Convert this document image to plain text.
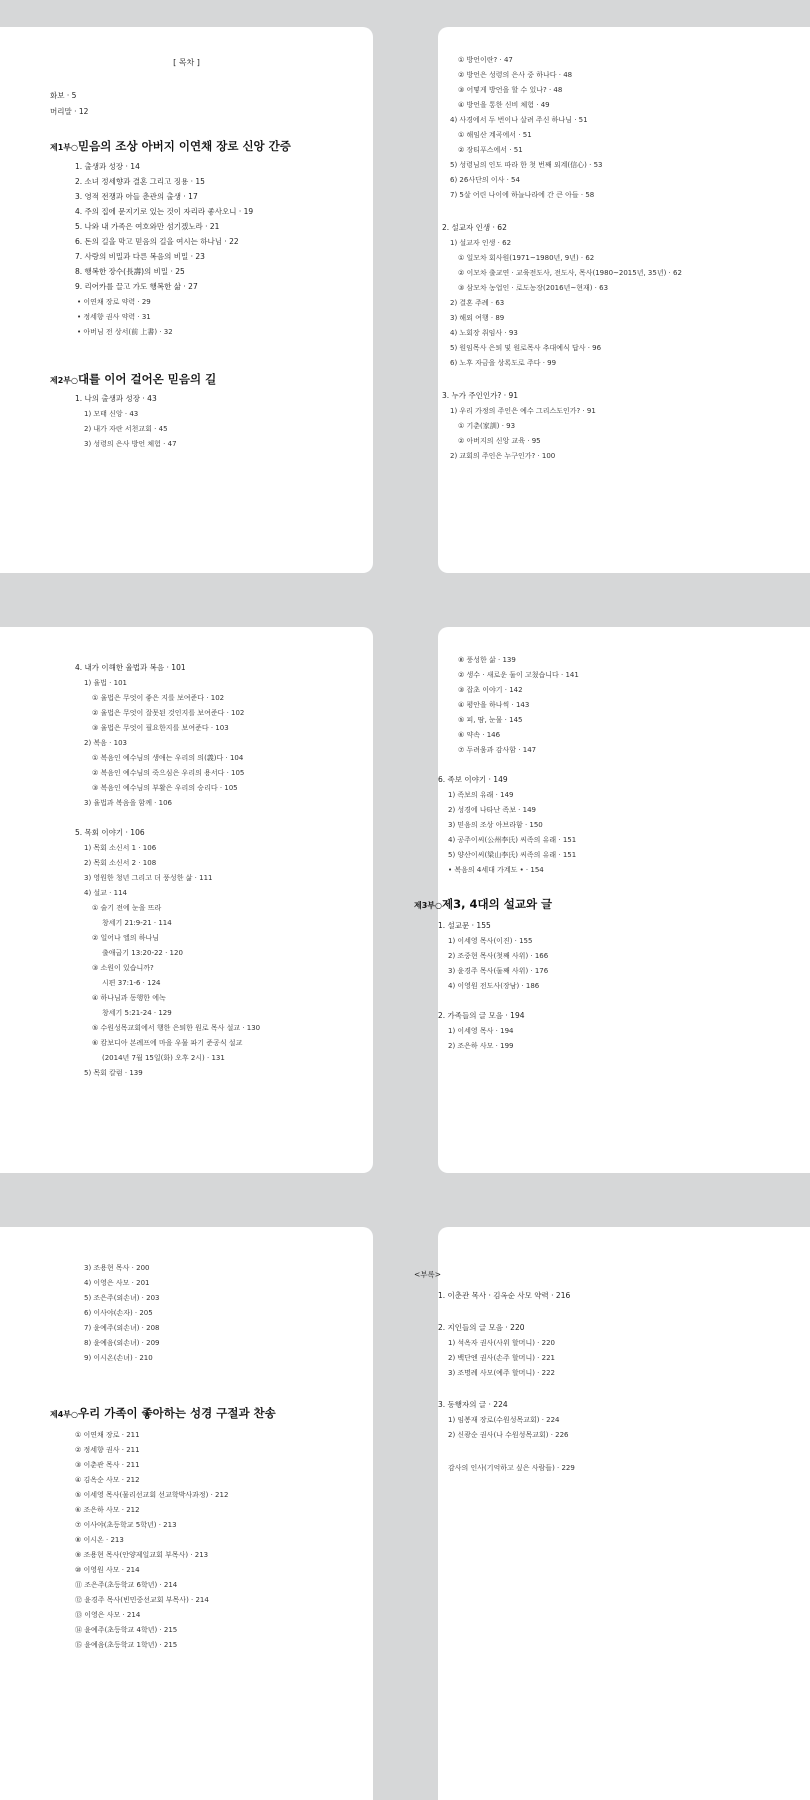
[ 목차 ]
화보 · 5
머리말 · 12
제1부○믿음의 조상 아버지 이연채 장로 신앙 간증
1. 출생과 성장 · 14
2. 소녀 정세향과 결혼 그리고 징용 · 15
3. 영적 전쟁과 아들 춘관의 출생 · 17
4. 주의 집에 문지기로 있는 것이 자리라 좋사오니 · 19
5. 나와 내 가족은 여호와만 섬기겠노라 · 21
6. 돈의 길을 막고 믿음의 길을 여시는 하나님 · 22
7. 사랑의 비밀과 다른 복음의 비밀 · 23
8. 행복한 장수(長壽)의 비밀 · 25
9. 리어카를 끌고 가도 행복한 삶 · 27
• 이연채 장로 약력 · 29
• 정세향 권사 약력 · 31
• 아버님 전 상서(前 上書) · 32
제2부○대를 이어 걸어온 믿음의 길
1. 나의 출생과 성장 · 43
1) 모태 신앙 · 43
2) 내가 자란 서천교회 · 45
3) 성령의 은사 방언 체험 · 47
① 방언이란? · 47
② 방언은 성령의 은사 중 하나다 · 48
③ 어떻게 방언을 할 수 있나? · 48
④ 방언을 통한 신비 체험 · 49
4) 사경에서 두 번이나 살려 주신 하나님 · 51
① 해임산 계곡에서 · 51
② 장티푸스에서 · 51
5) 성령님의 인도 따라 한 첫 번째 외계(信心) · 53
6) 26사단의 이사 · 54
7) 5살 어린 나이에 하늘나라에 간 큰 아들 · 58
2. 설교자 인생 · 62
1) 설교자 인생 · 62
① 일모차 회사원(1971~1980년, 9년) · 62
② 이모차 출교연 · 교육전도사, 전도사, 목사(1980~2015년, 35년) · 62
③ 삼모차 농업인 · 로도농장(2016년~현재) · 63
2) 결혼 주례 · 63
3) 해외 여행 · 89
4) 노회장 취임사 · 93
5) 원임목사 은퇴 및 원로목사 추대예식 답사 · 96
6) 노후 자금을 상록도로 주다 · 99
3. 누가 주인인가? · 91
1) 우리 가정의 주인은 예수 그리스도인가? · 91
① 기춘(家訓) · 93
② 아버지의 신앙 교육 · 95
2) 교회의 주인은 누구인가? · 100
4. 내가 이해한 율법과 복음 · 101
1) 율법 · 101
① 율법은 무엇이 좋은 지를 보여준다 · 102
② 율법은 무엇이 잘못된 것인지를 보여준다 · 102
③ 율법은 무엇이 필요한지를 보여준다 · 103
2) 복음 · 103
① 복음인 예수님의 생애는 우리의 의(義)다 · 104
② 복음인 예수님의 죽으심은 우리의 용서다 · 105
③ 복음인 예수님의 부활은 우리의 승리다 · 105
3) 율법과 복음을 함께 · 106
5. 목회 이야기 · 106
1) 목회 소신서 1 · 106
2) 목회 소신서 2 · 108
3) 영원한 청년 그리고 더 풍성한 삶 · 111
4) 설교 · 114
① 술기 전에 눈을 뜨라
창세기 21:9-21 · 114
② 일어나 엘의 하나님
출애굽기 13:20-22 · 120
③ 소원이 있습니까?
시편 37:1-6 · 124
④ 하나님과 동행한 에녹
창세기 5:21-24 · 129
⑤ 수원성목교회에서 행한 은퇴한 원로 목사 설교 · 130
⑥ 캄보디아 본례프에 마을 우물 파기 준공식 설교
(2014년 7월 15일(화) 오후 2시) · 131
5) 목회 칼럼 · 139
⑧ 풍성한 삶 · 139
② 생수 · 새로운 둘이 고쳤습니다 · 141
③ 잡초 이야기 · 142
④ 평안을 하나씩 · 143
⑤ 피, 땀, 눈물 · 145
⑥ 약속 · 146
⑦ 두려움과 감사함 · 147
6. 족보 이야기 · 149
1) 족보의 유래 · 149
2) 성경에 나타난 족보 · 149
3) 믿음의 조상 아브라함 · 150
4) 공주이씨(公州李氏) 씨족의 유래 · 151
5) 양산이씨(梁山李氏) 씨족의 유래 · 151
• 복음의 4세대 가계도 • · 154
제3부○제3, 4대의 설교와 글
1. 설교문 · 155
1) 이세영 목사(이진) · 155
2) 조중현 목사(첫째 사위) · 166
3) 윤경주 목사(둘째 사위) · 176
4) 이영원 전도사(장남) · 186
2. 가족들의 글 모음 · 194
1) 이세영 목사 · 194
2) 조은하 사모 · 199
3) 조용현 목사 · 200
4) 이영은 사모 · 201
5) 조은주(외손녀) · 203
6) 이사야(손자) · 205
7) 윤예주(외손녀) · 208
8) 윤예음(외손녀) · 209
9) 이시온(손녀) · 210
제4부○우리 가족이 좋아하는 성경 구절과 찬송
① 이연채 장로 · 211
② 정세향 권사 · 211
③ 이춘관 목사 · 211
④ 김옥순 사모 · 212
⑤ 이세영 목사(물리선교회 선교학박사과정) · 212
⑥ 조은하 사모 · 212
⑦ 이사야(초등학교 5학년) · 213
⑧ 이시온 · 213
⑨ 조용현 목사(안양제일교회 부목사) · 213
⑩ 이영원 사모 · 214
⑪ 조은주(초등학교 6학년) · 214
⑫ 윤경주 목사(빈민중선교회 부목사) · 214
⑬ 이영은 사모 · 214
⑭ 윤예주(초등학교 4학년) · 215
⑮ 윤예음(초등학교 1학년) · 215
<부록>
1. 이춘관 목사 · 김옥순 사모 약력 · 216
2. 지인들의 글 모음 · 220
1) 석옥자 권사(사위 할머니) · 220
2) 백단엔 권사(손주 할머니) · 221
3) 조명례 사모(예주 할머니) · 222
3. 동행자의 글 · 224
1) 임봉재 장로(수원성목교회) · 224
2) 신광순 권사(나 수원성목교회) · 226
감사의 인사(기억하고 싶은 사람들) · 229
